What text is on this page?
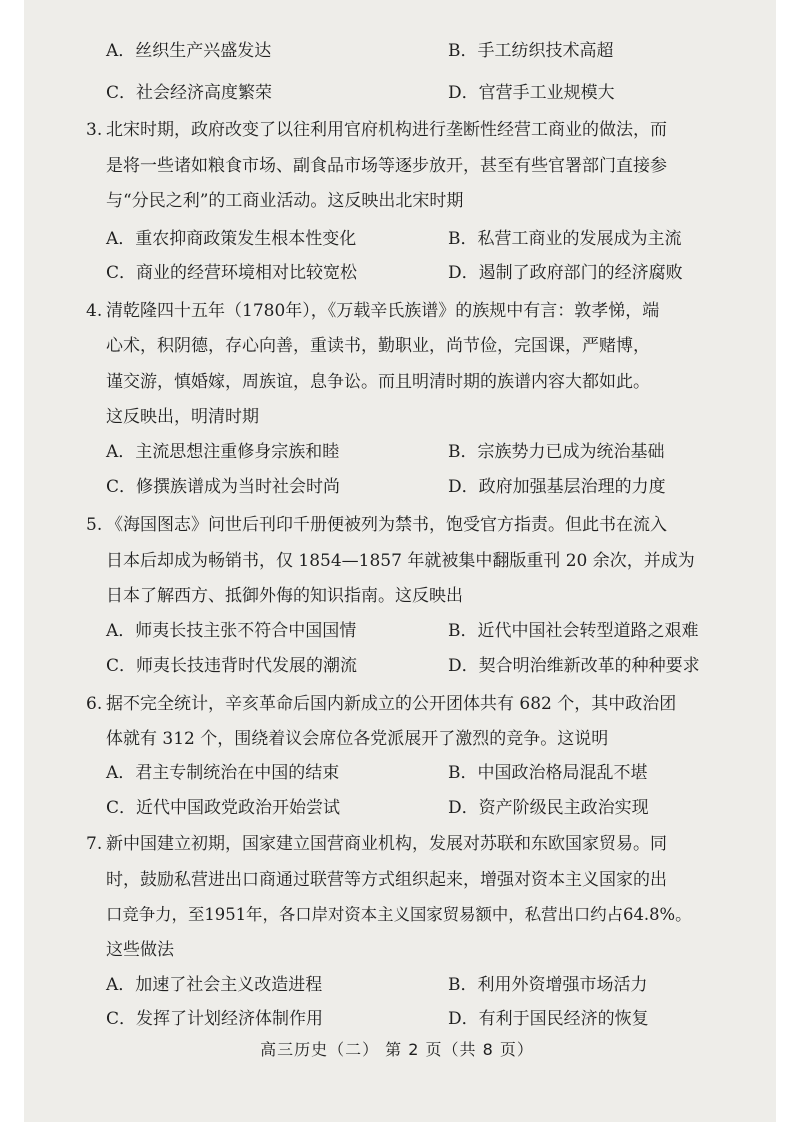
A．丝织生产兴盛发达	B．手工纺织技术高超
C．社会经济高度繁荣	D．官营手工业规模大
3. 北宋时期，政府改变了以往利用官府机构进行垄断性经营工商业的做法，而
是将一些诸如粮食市场、副食品市场等逐步放开，甚至有些官署部门直接参
与“分民之利”的工商业活动。这反映出北宋时期
A．重农抑商政策发生根本性变化	B．私营工商业的发展成为主流
C．商业的经营环境相对比较宽松	D．遏制了政府部门的经济腐败
4. 清乾隆四十五年（1780年），《万载辛氏族谱》的族规中有言：敦孝悌，端
心术，积阴德，存心向善，重读书，勤职业，尚节俭，完国课，严赌博，
谨交游，慎婚嫁，周族谊，息争讼。而且明清时期的族谱内容大都如此。
这反映出，明清时期
A．主流思想注重修身宗族和睦	B．宗族势力已成为统治基础
C．修撰族谱成为当时社会时尚	D．政府加强基层治理的力度
5. 《海国图志》问世后刊印千册便被列为禁书，饱受官方指责。但此书在流入
日本后却成为畅销书，仅 1854—1857 年就被集中翻版重刊 20 余次，并成为
日本了解西方、抵御外侮的知识指南。这反映出
A．师夷长技主张不符合中国国情	B．近代中国社会转型道路之艰难
C．师夷长技违背时代发展的潮流	D．契合明治维新改革的种种要求
6. 据不完全统计，辛亥革命后国内新成立的公开团体共有 682 个，其中政治团
体就有 312 个，围绕着议会席位各党派展开了激烈的竞争。这说明
A．君主专制统治在中国的结束	B．中国政治格局混乱不堪
C．近代中国政党政治开始尝试	D．资产阶级民主政治实现
7. 新中国建立初期，国家建立国营商业机构，发展对苏联和东欧国家贸易。同
时，鼓励私营进出口商通过联营等方式组织起来，增强对资本主义国家的出
口竞争力，至1951年，各口岸对资本主义国家贸易额中，私营出口约占64.8%。
这些做法
A．加速了社会主义改造进程	B．利用外资增强市场活力
C．发挥了计划经济体制作用	D．有利于国民经济的恢复
高三历史（二） 第 2 页（共 8 页）
